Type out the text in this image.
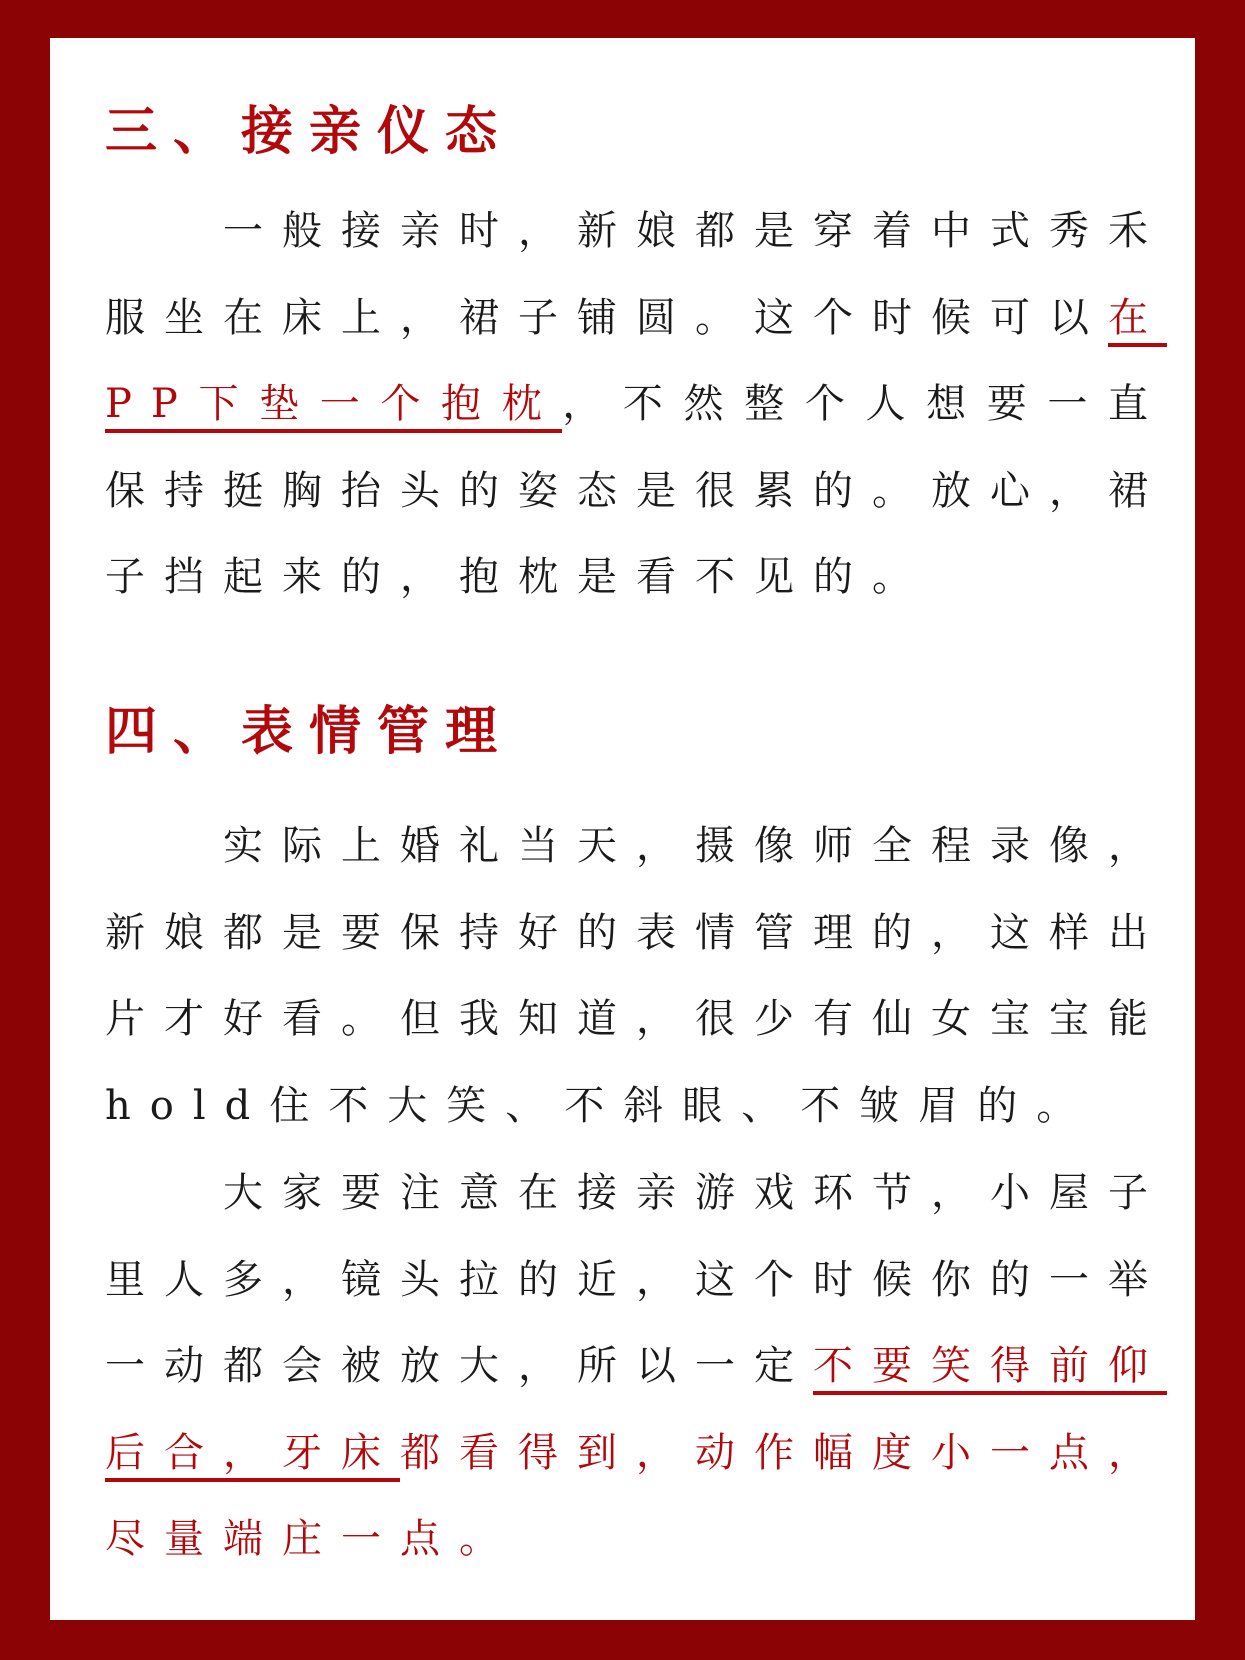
三、接亲仪态

一般接亲时，新娘都是穿着中式秀禾服坐在床上，裙子铺圆。这个时候可以在PP下垫一个抱枕，不然整个人想要一直保持挺胸抬头的姿态是很累的。放心，裙子挡起来的，抱枕是看不见的。

四、表情管理

实际上婚礼当天，摄像师全程录像，新娘都是要保持好的表情管理的，这样出片才好看。但我知道，很少有仙女宝宝能hold住不大笑、不斜眼、不皱眉的。

大家要注意在接亲游戏环节，小屋子里人多，镜头拉的近，这个时候你的一举一动都会被放大，所以一定不要笑得前仰后合，牙床都看得到，动作幅度小一点，尽量端庄一点。
